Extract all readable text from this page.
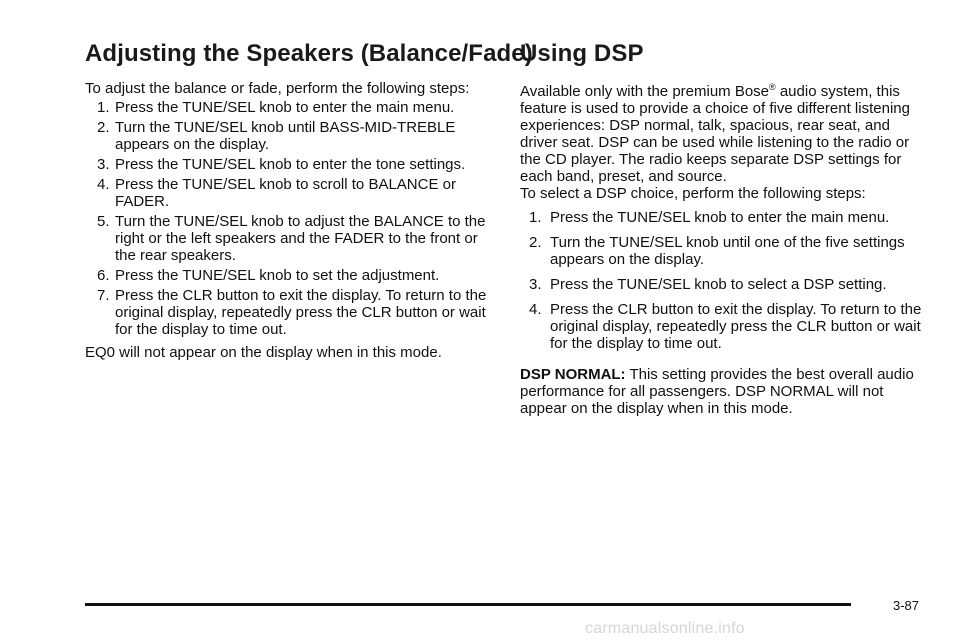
Adjusting the Speakers (Balance/Fade)

To adjust the balance or fade, perform the following steps:

1. Press the TUNE/SEL knob to enter the main menu.
2. Turn the TUNE/SEL knob until BASS-MID-TREBLE appears on the display.
3. Press the TUNE/SEL knob to enter the tone settings.
4. Press the TUNE/SEL knob to scroll to BALANCE or FADER.
5. Turn the TUNE/SEL knob to adjust the BALANCE to the right or the left speakers and the FADER to the front or the rear speakers.
6. Press the TUNE/SEL knob to set the adjustment.
7. Press the CLR button to exit the display. To return to the original display, repeatedly press the CLR button or wait for the display to time out.

EQ0 will not appear on the display when in this mode.

Using DSP

Available only with the premium Bose® audio system, this feature is used to provide a choice of five different listening experiences: DSP normal, talk, spacious, rear seat, and driver seat. DSP can be used while listening to the radio or the CD player. The radio keeps separate DSP settings for each band, preset, and source.

To select a DSP choice, perform the following steps:

1. Press the TUNE/SEL knob to enter the main menu.
2. Turn the TUNE/SEL knob until one of the five settings appears on the display.
3. Press the TUNE/SEL knob to select a DSP setting.
4. Press the CLR button to exit the display. To return to the original display, repeatedly press the CLR button or wait for the display to time out.

DSP NORMAL: This setting provides the best overall audio performance for all passengers. DSP NORMAL will not appear on the display when in this mode.

3-87
carmanualsonline.info
